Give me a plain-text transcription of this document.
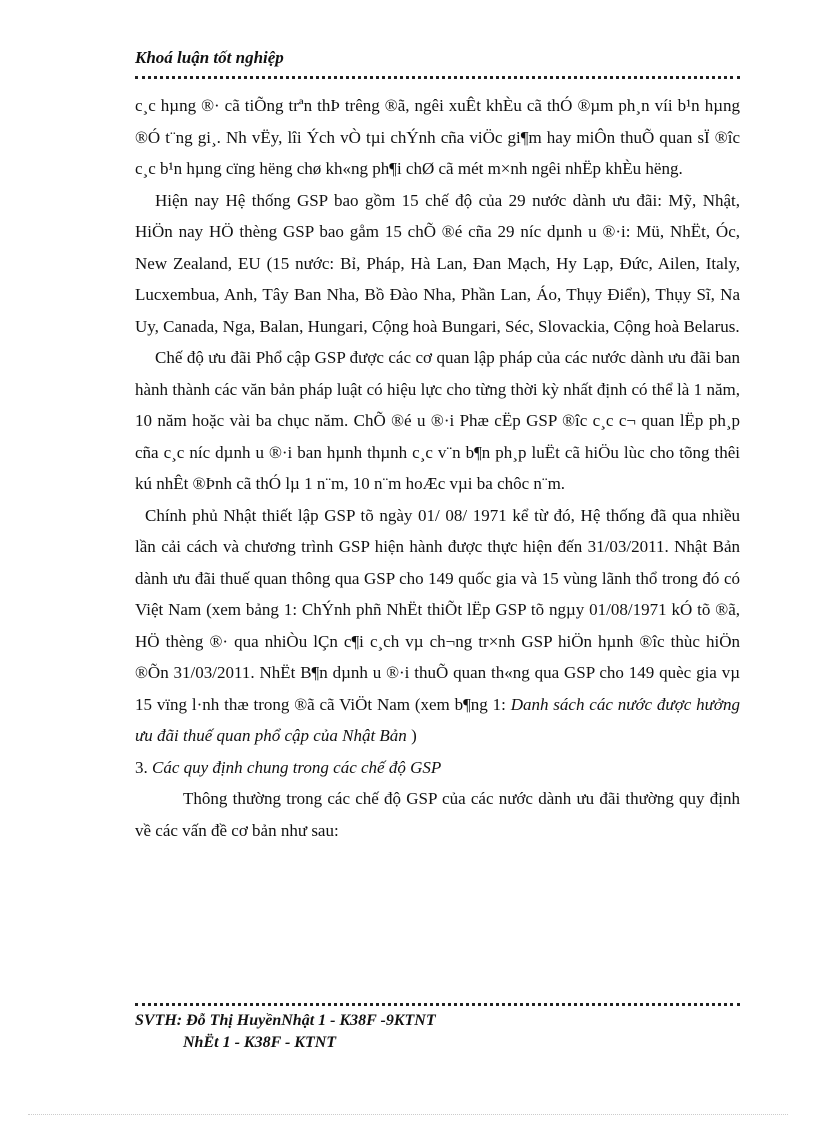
Khoá luận tốt nghiệp

c¸c hµng ®· cã tiÕng trªn thÞ trêng ®ã, ngêi xuÊt khÈu cã thÓ ®µm ph¸n víi b¹n hµng ®Ó t¨ng gi¸. Nh vËy, lîi Ých vÒ tµi chÝnh cña viÖc gi¶m hay miÔn thuÕ quan sÏ ®îc c¸c b¹n hµng cïng hëng chø kh«ng ph¶i chØ cã mét m×nh ngêi nhËp khÈu hëng.

Hiện nay Hệ thống GSP bao gồm 15 chế độ của 29 nước dành ưu đãi: Mỹ, Nhật, HiÖn nay HÖ thèng GSP bao gåm 15 chÕ ®é cña 29 níc dµnh u ®·i: Mü, NhËt, Óc, New Zealand, EU (15 nước: Bỉ, Pháp, Hà Lan, Đan Mạch, Hy Lạp, Đức, Ailen, Italy, Lucxembua, Anh, Tây Ban Nha, Bồ Đào Nha, Phần Lan, Áo, Thụy Điển), Thụy Sĩ, Na Uy, Canada, Nga, Balan, Hungari, Cộng hoà Bungari, Séc, Slovackia, Cộng hoà Belarus.

Chế độ ưu đãi Phổ cập GSP được các cơ quan lập pháp của các nước dành ưu đãi ban hành thành các văn bản pháp luật có hiệu lực cho từng thời kỳ nhất định có thể là 1 năm, 10 năm hoặc vài ba chục năm. ChÕ ®é u ®·i Phæ cËp GSP ®îc c¸c c¬ quan lËp ph¸p cña c¸c níc dµnh u ®·i ban hµnh thµnh c¸c v¨n b¶n ph¸p luËt cã hiÖu lùc cho tõng thêi kú nhÊt ®Þnh cã thÓ lµ 1 n¨m, 10 n¨m hoÆc vµi ba chôc n¨m.

Chính phủ Nhật thiết lập GSP tõ ngày 01/ 08/ 1971 kể từ đó, Hệ thống đã qua nhiều lần cải cách và chương trình GSP hiện hành được thực hiện đến 31/03/2011. Nhật Bản dành ưu đãi thuế quan thông qua GSP cho 149 quốc gia và 15 vùng lãnh thổ trong đó có Việt Nam (xem bảng 1: ChÝnh phñ NhËt thiÕt lËp GSP tõ ngµy 01/08/1971 kÓ tõ ®ã, HÖ thèng ®· qua nhiÒu lÇn c¶i c¸ch vµ ch¬ng tr×nh GSP hiÖn hµnh ®îc thùc hiÖn ®Õn 31/03/2011. NhËt B¶n dµnh u ®·i thuÕ quan th«ng qua GSP cho 149 quèc gia vµ 15 vïng l·nh thæ trong ®ã cã ViÖt Nam (xem b¶ng 1: Danh sách các nước được hưởng ưu đãi thuế quan phổ cập của Nhật Bản )

3. Các quy định chung trong các chế độ GSP

Thông thường trong các chế độ GSP của các nước dành ưu đãi thường quy định về các vấn đề cơ bản như sau:

SVTH: Đỗ Thị HuyềnNhật 1 - K38F -9KTNT
NhËt 1 - K38F - KTNT
